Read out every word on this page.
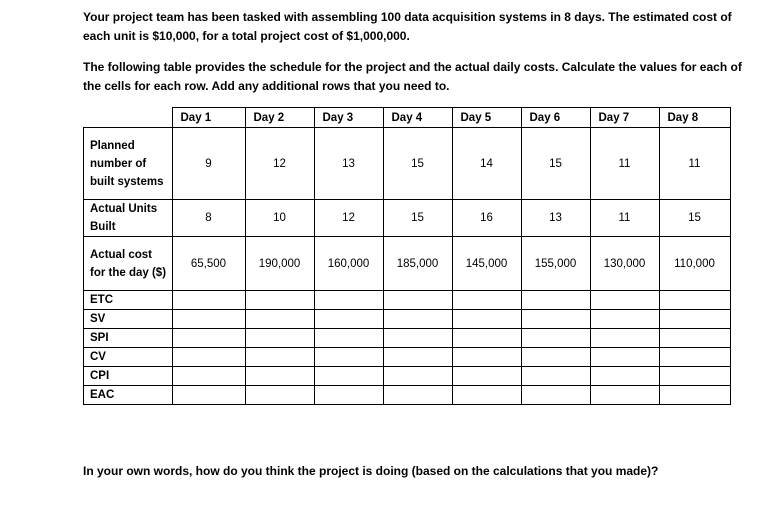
Your project team has been tasked with assembling 100 data acquisition systems in 8 days. The estimated cost of each unit is $10,000, for a total project cost of $1,000,000.
The following table provides the schedule for the project and the actual daily costs. Calculate the values for each of the cells for each row. Add any additional rows that you need to.
	Day 1	Day 2	Day 3	Day 4	Day 5	Day 6	Day 7	Day 8
Planned number of built systems	9	12	13	15	14	15	11	11
Actual Units Built	8	10	12	15	16	13	11	15
Actual cost for the day ($)	65,500	190,000	160,000	185,000	145,000	155,000	130,000	110,000
ETC								
SV								
SPI								
CV								
CPI								
EAC								
In your own words, how do you think the project is doing (based on the calculations that you made)?
